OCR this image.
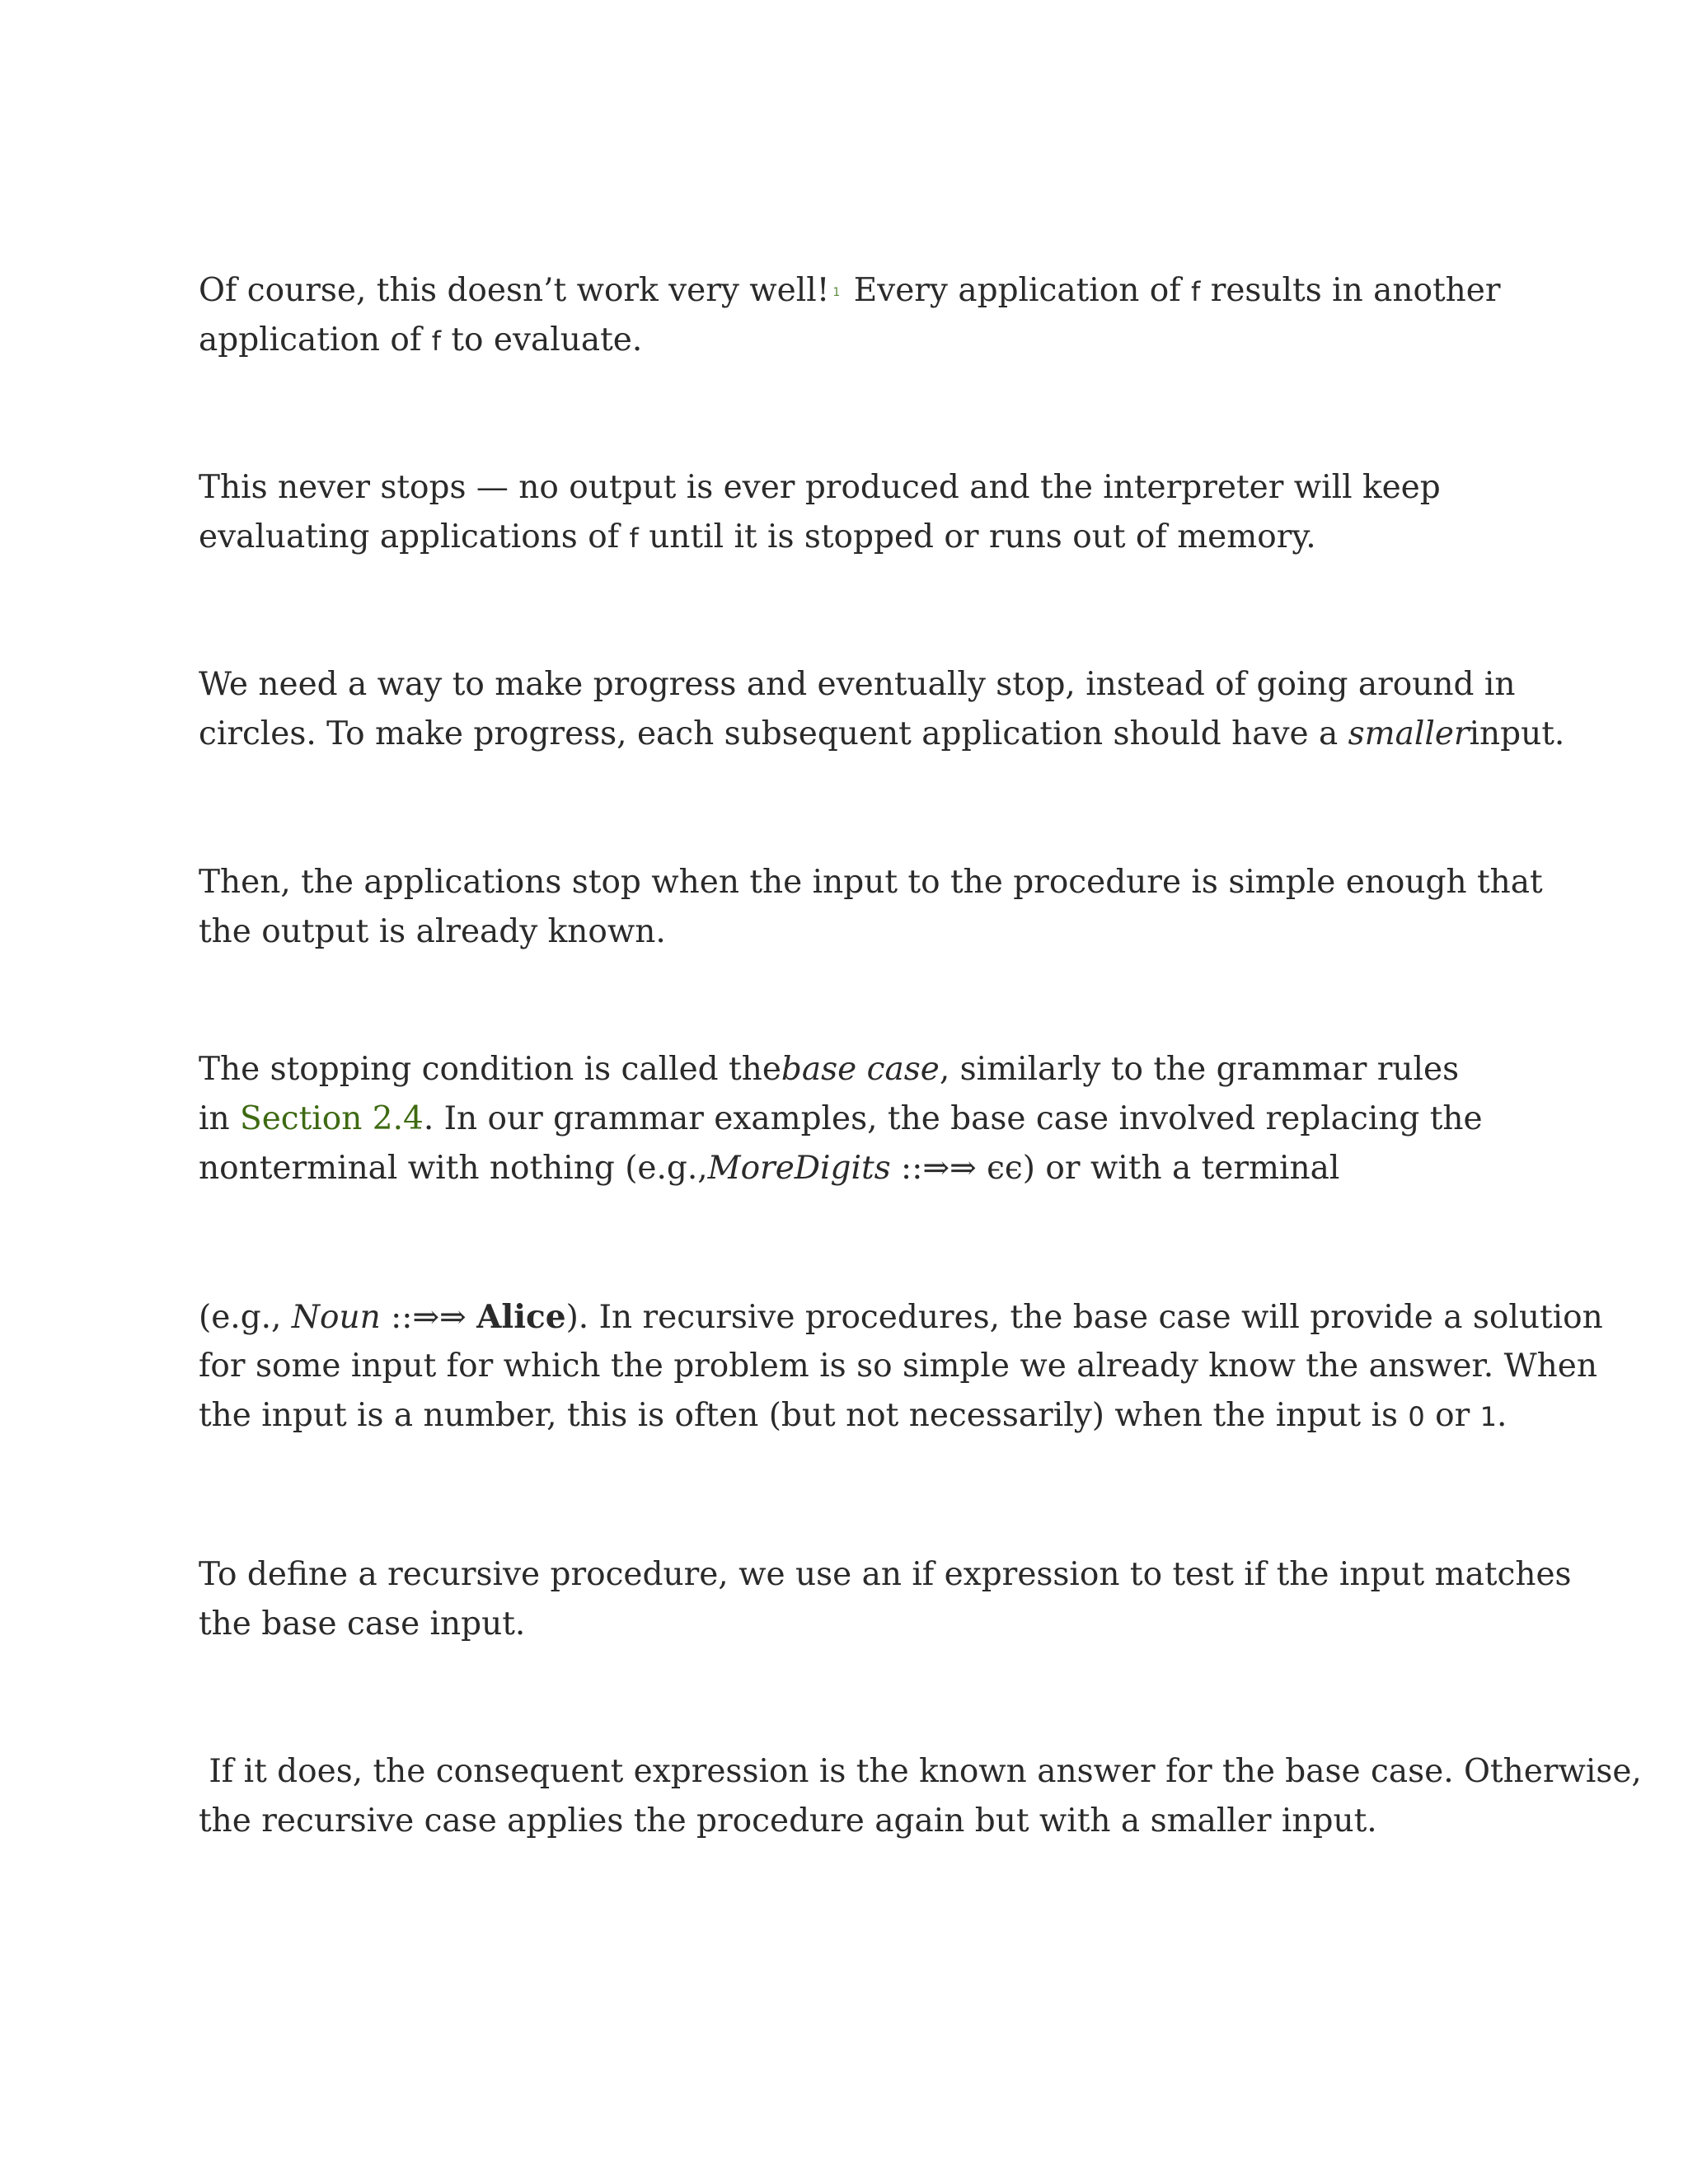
Of course, this doesn’t work very well! $^1$ Every application of f results in another
application of f to evaluate.

This never stops — no output is ever produced and the interpreter will keep
evaluating applications of f until it is stopped or runs out of memory.

We need a way to make progress and eventually stop, instead of going around in
circles. To make progress, each subsequent application should have a smallerinput.

Then, the applications stop when the input to the procedure is simple enough that
the output is already known.

The stopping condition is called thebase case, similarly to the grammar rules
in Section 2.4. In our grammar examples, the base case involved replacing the
nonterminal with nothing (e.g.,MoreDigits ::⇒⇒ ϵϵ) or with a terminal

(e.g., Noun ::⇒⇒ Alice). In recursive procedures, the base case will provide a solution
for some input for which the problem is so simple we already know the answer. When
the input is a number, this is often (but not necessarily) when the input is 0 or 1.

To define a recursive procedure, we use an if expression to test if the input matches
the base case input.

If it does, the consequent expression is the known answer for the base case. Otherwise,
the recursive case applies the procedure again but with a smaller input.
